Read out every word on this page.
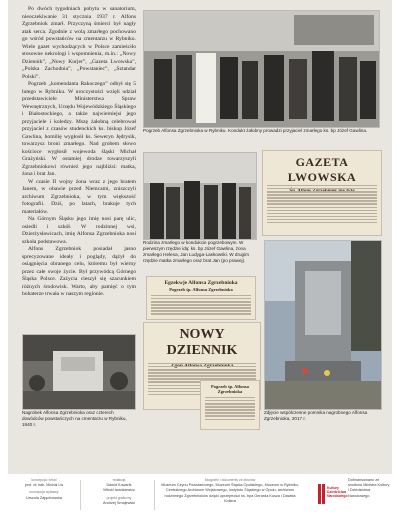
Po dwóch tygodniach pobytu w sanatorium, nieoczekiwanie 31 stycznia 1937 r. Alfons Zgrzebniok zmarł. Przyczyną śmierci był nagły atak serca. Zgodnie z wolą zmarłego pochowano go wśród powstańców na cmentarzu w Rybniku. Wiele gazet wychodzących w Polsce zamieściło stosowne nekrologi i wspomnienia, m.in.: „Nowy Dziennik”, „Nowy Kurjer”, „Gazeta Lwowska”, „Polska Zachodnia”, „Powstaniec”, „Sztandar Polski”.

Pogrzeb „komendanta Rakoczego” odbył się 5 lutego w Rybniku. W uroczystości wzięli udział przedstawiciele Ministerstwa Spraw Wewnętrznych, Urzędu Wojewódzkiego Śląskiego i Białostockiego, a także najwierniejsi jego przyjaciele i koledzy. Mszę żałobną celebrował przyjaciel z czasów studenckich ks. biskup Józef Gawlina, homilię wygłosił ks. Seweryn Jędrysik, towarzysz broni zmarłego. Nad grobem słowo kościoce wygłosił wojewoda śląski Michał Grażyński. W ostatniej drodze towarzyszyli Zgrzebniokowi również jego najbliżsi: matka, żona i brat Jan.

W czasie II wojny żona wraz z jego bratem Janem, w obawie przed Niemcami, zniszczyli archiwum Zgrzebnioka, w tym większość fotografii. Dziś, po latach, brakuje tych materiałów.

Na Górnym Śląsku jego imię nosi parę ulic, osiedli i szkół. W rodzinnej wsi, Dzierżysławicach, imię Alfonsa Zgrzebnioka nosi szkoła podstawowa.

Alfons Zgrzebniok posiadał jasno sprecyzowane ideały i poglądy, dążył do osiągnięcia obranego celu, któremu był wierny przez całe swoje życie. Był przywódcą Górnego Śląska Polsce. Zażycia cieszył się szacunkiem różnych środowisk. Warto, aby pamięć o tym bohaterze trwała w naszym regionie.

Pogrzeb Alfonsa Zgrzebnioka w Rybniku. Kondukt żałobny prowadzi przyjaciel zmarłego ks. bp Józef Gawlina.
Rodzina zmarłego w kondukcie pogrzebowym. W pierwszym rzędzie idą: ks. bp Józef Gawlina, żona zmarłego Helena, Jan Ludyga-Laskowski. W drugim rzędzie matka zmarłego oraz brat Jan (po prawej).
GAZETA LWOWSKA
Egzekwje Alfonsa Zgrzebnioka
Pogrzeb śp. Alfonsa Zgrzebnioka
NOWY DZIENNIK
Pogrzeb śp. Alfonsa Zgrzebnioka
Nagrobek Alfonsa Zgrzebnioka oraz czterech dowódców powstańczych na cmentarzu w Rybniku, 1940 r.
Zdjęcie współczesne pomnika nagrobnego Alfonsa Zgrzebnioka, 2017 r.
koncepcja i tekst
prof. dr hab. Michał Lis
koncepcja wystawy
Urszula Zająchowska
redakcja
Dawid Kowarik
Witold Iwankiewicz
projekt graficzny
Andrzej Smajewski
fotografie i dokumenty ze zbiorów
Muzeum Czynu Powstańczego, Muzeum Śląska Opolskiego, Muzeum w Rybniku, Centralnego Archiwum Wojskowego, Instytutu Śląskiego w Opolu, archiwum rodzinnego Zgrzebnioków dzięki uprzejmości ks. bpa Gerarda Kusza i Dawida Kollera
Kultury Dziedzictwa Narodowego
Dofinansowano ze środków Ministra Kultury i Dziedzictwa Narodowego
